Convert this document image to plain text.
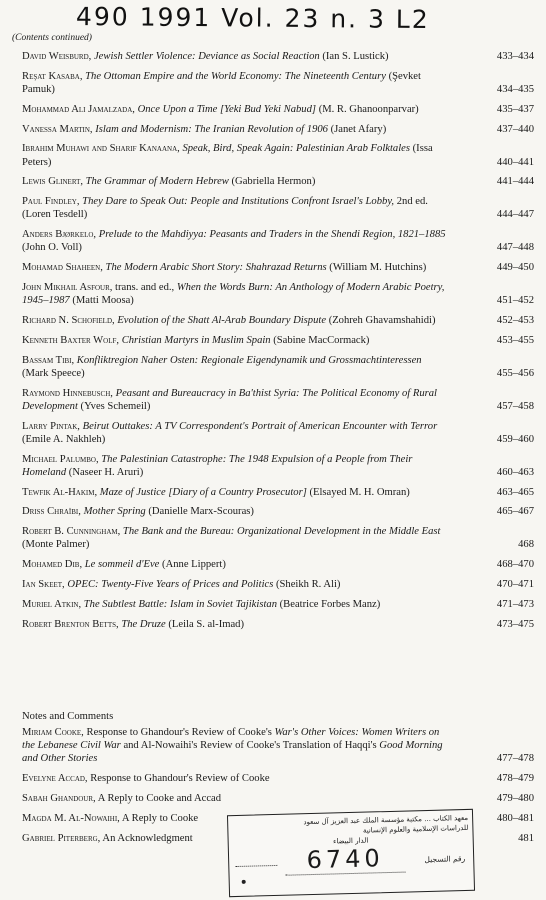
490 1991 Vol. 23 n. 3 L2
(Contents continued)
David Weisburd, Jewish Settler Violence: Deviance as Social Reaction (Ian S. Lustick)	433–434
Reşat Kasaba, The Ottoman Empire and the World Economy: The Nineteenth Century (Şevket Pamuk)	434–435
Mohammad Ali Jamalzada, Once Upon a Time [Yeki Bud Yeki Nabud] (M. R. Ghanoonparvar)	435–437
Vanessa Martin, Islam and Modernism: The Iranian Revolution of 1906 (Janet Afary)	437–440
Ibrahim Muhawi and Sharif Kanaana, Speak, Bird, Speak Again: Palestinian Arab Folktales (Issa Peters)	440–441
Lewis Glinert, The Grammar of Modern Hebrew (Gabriella Hermon)	441–444
Paul Findley, They Dare to Speak Out: People and Institutions Confront Israel's Lobby, 2nd ed. (Loren Tesdell)	444–447
Anders Bjørkelo, Prelude to the Mahdiyya: Peasants and Traders in the Shendi Region, 1821–1885 (John O. Voll)	447–448
Mohamad Shaheen, The Modern Arabic Short Story: Shahrazad Returns (William M. Hutchins)	449–450
John Mikhail Asfour, trans. and ed., When the Words Burn: An Anthology of Modern Arabic Poetry, 1945–1987 (Matti Moosa)	451–452
Richard N. Schofield, Evolution of the Shatt Al-Arab Boundary Dispute (Zohreh Ghavamshahidi)	452–453
Kenneth Baxter Wolf, Christian Martyrs in Muslim Spain (Sabine MacCormack)	453–455
Bassam Tibi, Konfliktregion Naher Osten: Regionale Eigendynamik und Grossmachtinteressen (Mark Speece)	455–456
Raymond Hinnebusch, Peasant and Bureaucracy in Ba'thist Syria: The Political Economy of Rural Development (Yves Schemeil)	457–458
Larry Pintak, Beirut Outtakes: A TV Correspondent's Portrait of American Encounter with Terror (Emile A. Nakhleh)	459–460
Michael Palumbo, The Palestinian Catastrophe: The 1948 Expulsion of a People from Their Homeland (Naseer H. Aruri)	460–463
Tewfik Al-Hakim, Maze of Justice [Diary of a Country Prosecutor] (Elsayed M. H. Omran)	463–465
Driss Chraïbi, Mother Spring (Danielle Marx-Scouras)	465–467
Robert B. Cunningham, The Bank and the Bureau: Organizational Development in the Middle East (Monte Palmer)	468
Mohamed Dib, Le sommeil d'Eve (Anne Lippert)	468–470
Ian Skeet, OPEC: Twenty-Five Years of Prices and Politics (Sheikh R. Ali)	470–471
Muriel Atkin, The Subtlest Battle: Islam in Soviet Tajikistan (Beatrice Forbes Manz)	471–473
Robert Brenton Betts, The Druze (Leila S. al-Imad)	473–475
Notes and Comments
Miriam Cooke, Response to Ghandour's Review of Cooke's War's Other Voices: Women Writers on the Lebanese Civil War and Al-Nowaihi's Review of Cooke's Translation of Haqqi's Good Morning and Other Stories	477–478
Evelyne Accad, Response to Ghandour's Review of Cooke	478–479
Sabah Ghandour, A Reply to Cooke and Accad	479–480
Magda M. Al-Nowaihi, A Reply to Cooke	480–481
Gabriel Piterberg, An Acknowledgment	481
معهد الكتاب ... مكتبة مؤسسة الملك عبد العزيز آل سعود
للدراسات الإسلامية والعلوم الإنسانية
الدار البيضاء
6740	رقم التسجيل
